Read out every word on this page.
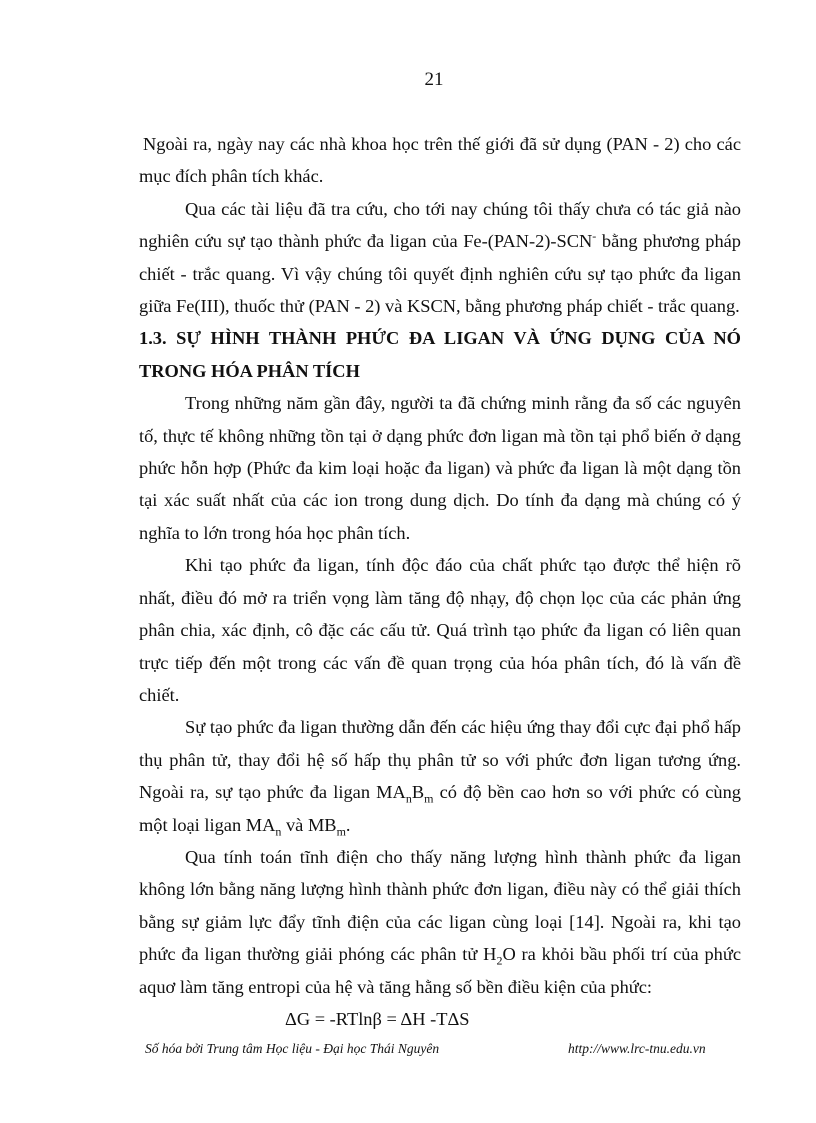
21

Ngoài ra, ngày nay các nhà khoa học trên thế giới đã sử dụng (PAN - 2) cho các mục đích phân tích khác.

Qua các tài liệu đã tra cứu, cho tới nay chúng tôi thấy chưa có tác giả nào nghiên cứu sự tạo thành phức đa ligan của Fe-(PAN-2)-SCN- bằng phương pháp chiết - trắc quang. Vì vậy chúng tôi quyết định nghiên cứu sự tạo phức đa ligan giữa Fe(III), thuốc thử (PAN - 2) và KSCN, bằng phương pháp chiết - trắc quang.

1.3. SỰ HÌNH THÀNH PHỨC ĐA LIGAN VÀ ỨNG DỤNG CỦA NÓ TRONG HÓA PHÂN TÍCH

Trong những năm gần đây, người ta đã chứng minh rằng đa số các nguyên tố, thực tế không những tồn tại ở dạng phức đơn ligan mà tồn tại phổ biến ở dạng phức hỗn hợp (Phức đa kim loại hoặc đa ligan) và phức đa ligan là một dạng tồn tại xác suất nhất của các ion trong dung dịch. Do tính đa dạng mà chúng có ý nghĩa to lớn trong hóa học phân tích.

Khi tạo phức đa ligan, tính độc đáo của chất phức tạo được thể hiện rõ nhất, điều đó mở ra triển vọng làm tăng độ nhạy, độ chọn lọc của các phản ứng phân chia, xác định, cô đặc các cấu tử. Quá trình tạo phức đa ligan có liên quan trực tiếp đến một trong các vấn đề quan trọng của hóa phân tích, đó là vấn đề chiết.

Sự tạo phức đa ligan thường dẫn đến các hiệu ứng thay đổi cực đại phổ hấp thụ phân tử, thay đổi hệ số hấp thụ phân tử so với phức đơn ligan tương ứng. Ngoài ra, sự tạo phức đa ligan $MA_nB_m$ có độ bền cao hơn so với phức có cùng một loại ligan $MA_n$ và $MB_m$.

Qua tính toán tĩnh điện cho thấy năng lượng hình thành phức đa ligan không lớn bằng năng lượng hình thành phức đơn ligan, điều này có thể giải thích bằng sự giảm lực đẩy tĩnh điện của các ligan cùng loại [14]. Ngoài ra, khi tạo phức đa ligan thường giải phóng các phân tử $H_2O$ ra khỏi bầu phối trí của phức aquơ làm tăng entropi của hệ và tăng hằng số bền điều kiện của phức:

ΔG = -RTlnβ = ΔH -TΔS

Số hóa bởi Trung tâm Học liệu - Đại học Thái Nguyên	http://www.lrc-tnu.edu.vn
